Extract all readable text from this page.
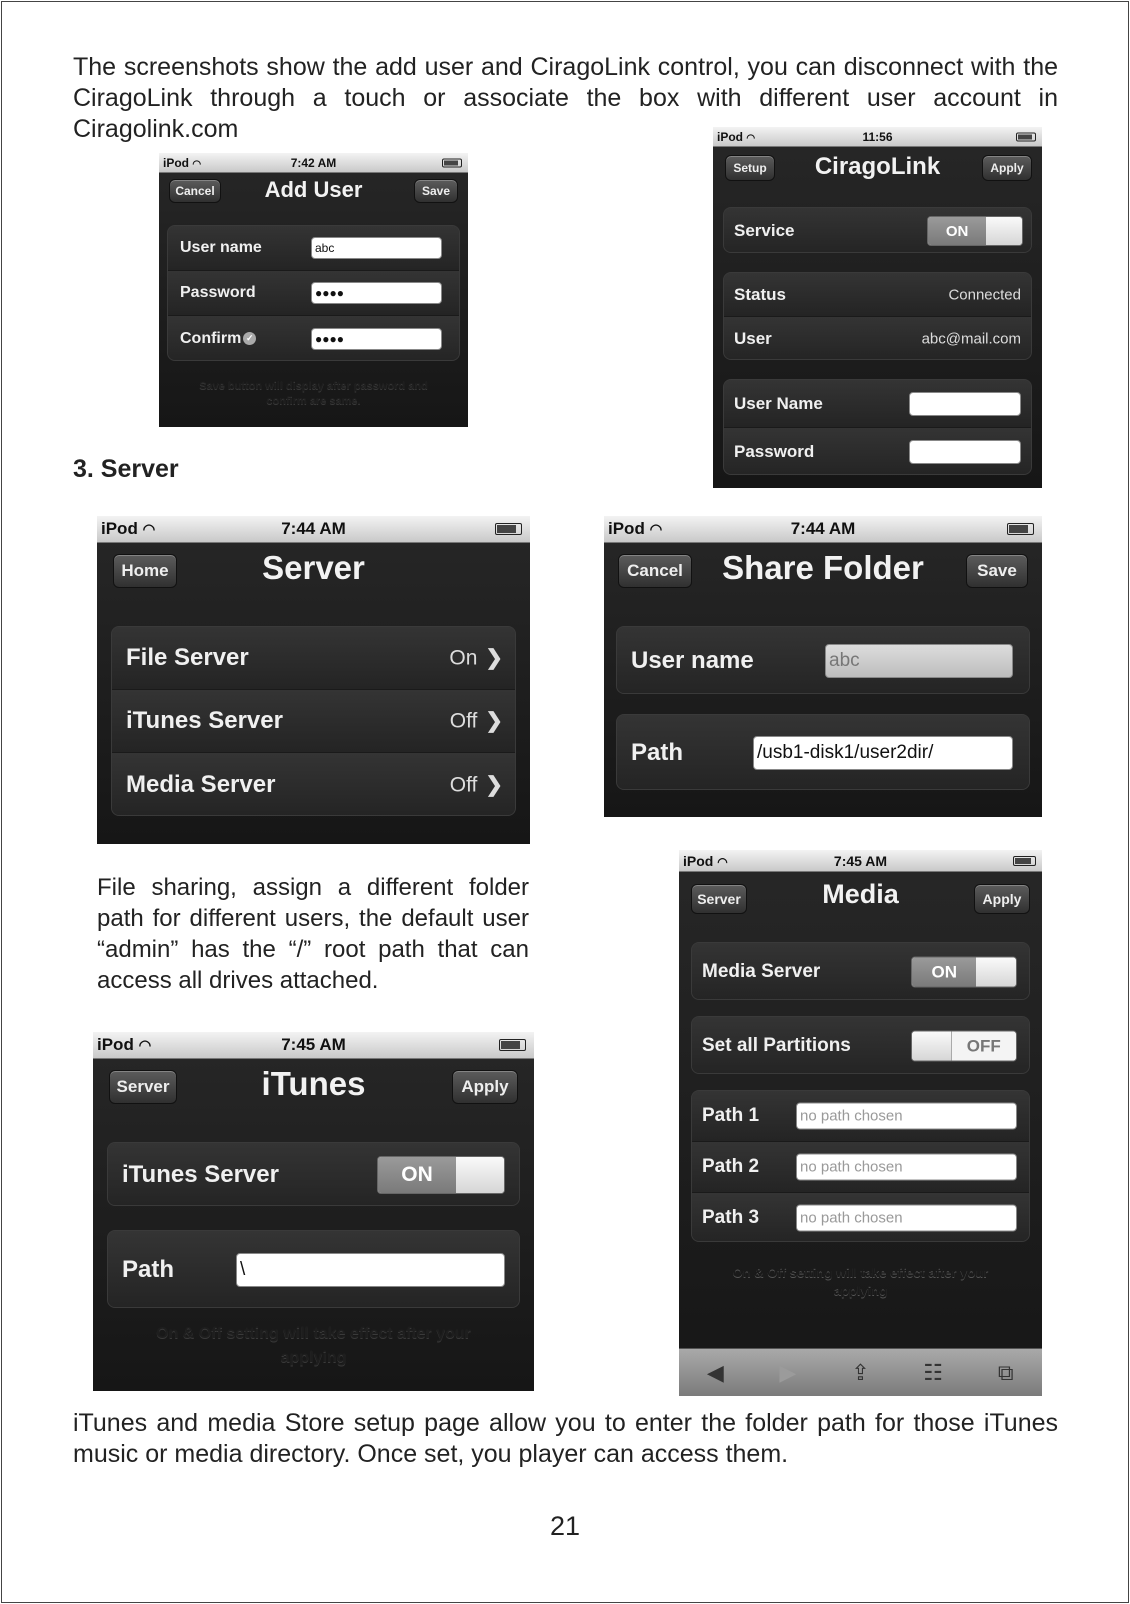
The screenshots show the add user and CiragoLink control, you can disconnect with the CiragoLink through a touch or associate the box with different user account in Ciragolink.com

iPod ◠	7:42 AM
Cancel	Add User	Save
User name	abc
Password	●●●●
Confirm ✓	●●●●
Save button will display after password and confirm are same.
iPod ◠	11:56
Setup	CiragoLink	Apply
Service	ON
Status	Connected
User	abc@mail.com
User Name
Password
3. Server
iPod ◠	7:44 AM
Home	Server
File Server	On ❯
iTunes Server	Off ❯
Media Server	Off ❯
iPod ◠	7:44 AM
Cancel	Share Folder	Save
User name	abc
Path	/usb1-disk1/user2dir/

File sharing, assign a different folder path for different users, the default user “admin” has the “/” root path that can access all drives attached.

iPod ◠	7:45 AM
Server	Media	Apply
Media Server	ON
Set all Partitions	OFF
Path 1	no path chosen
Path 2	no path chosen
Path 3	no path chosen
On & Off setting will take effect after your applying
◀	▶ ⇪ ☷ ⧉
iPod ◠	7:45 AM
Server	iTunes	Apply
iTunes Server	ON
Path	\
On & Off setting will take effect after your applying

iTunes and media Store setup page allow you to enter the folder path for those iTunes music or media directory. Once set, you player can access them.

21
